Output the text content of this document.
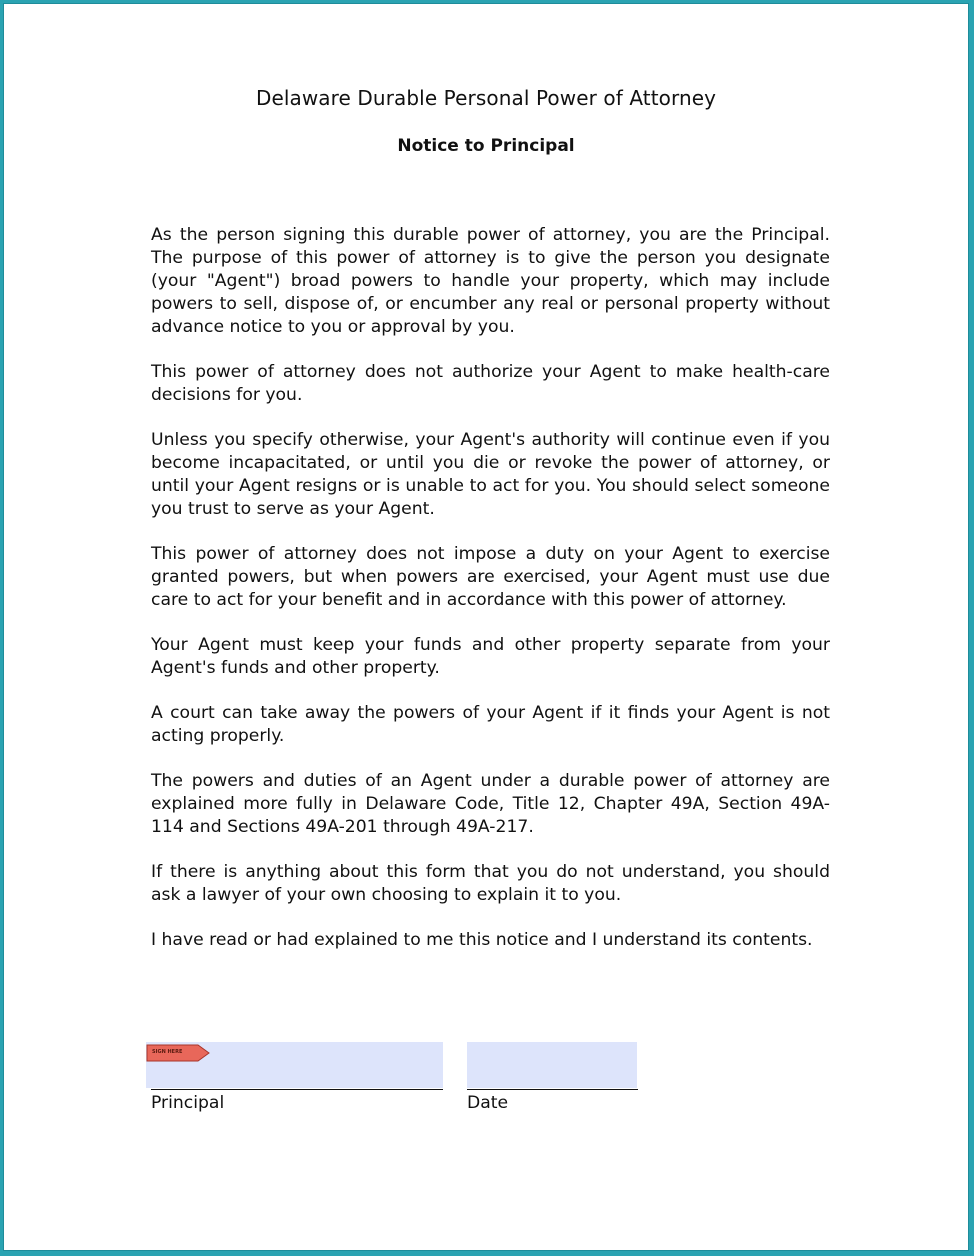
Delaware Durable Personal Power of Attorney
Notice to Principal

As the person signing this durable power of attorney, you are the Principal. The purpose of this power of attorney is to give the person you designate (your "Agent") broad powers to handle your property, which may include powers to sell, dispose of, or encumber any real or personal property without advance notice to you or approval by you.

This power of attorney does not authorize your Agent to make health-care decisions for you.

Unless you specify otherwise, your Agent's authority will continue even if you become incapacitated, or until you die or revoke the power of attorney, or until your Agent resigns or is unable to act for you. You should select someone you trust to serve as your Agent.

This power of attorney does not impose a duty on your Agent to exercise granted powers, but when powers are exercised, your Agent must use due care to act for your benefit and in accordance with this power of attorney.

Your Agent must keep your funds and other property separate from your Agent's funds and other property.

A court can take away the powers of your Agent if it finds your Agent is not acting properly.

The powers and duties of an Agent under a durable power of attorney are explained more fully in Delaware Code, Title 12, Chapter 49A, Section 49A-114 and Sections 49A-201 through 49A-217.

If there is anything about this form that you do not understand, you should ask a lawyer of your own choosing to explain it to you.

I have read or had explained to me this notice and I understand its contents.

SIGN HERE
Principal	Date
